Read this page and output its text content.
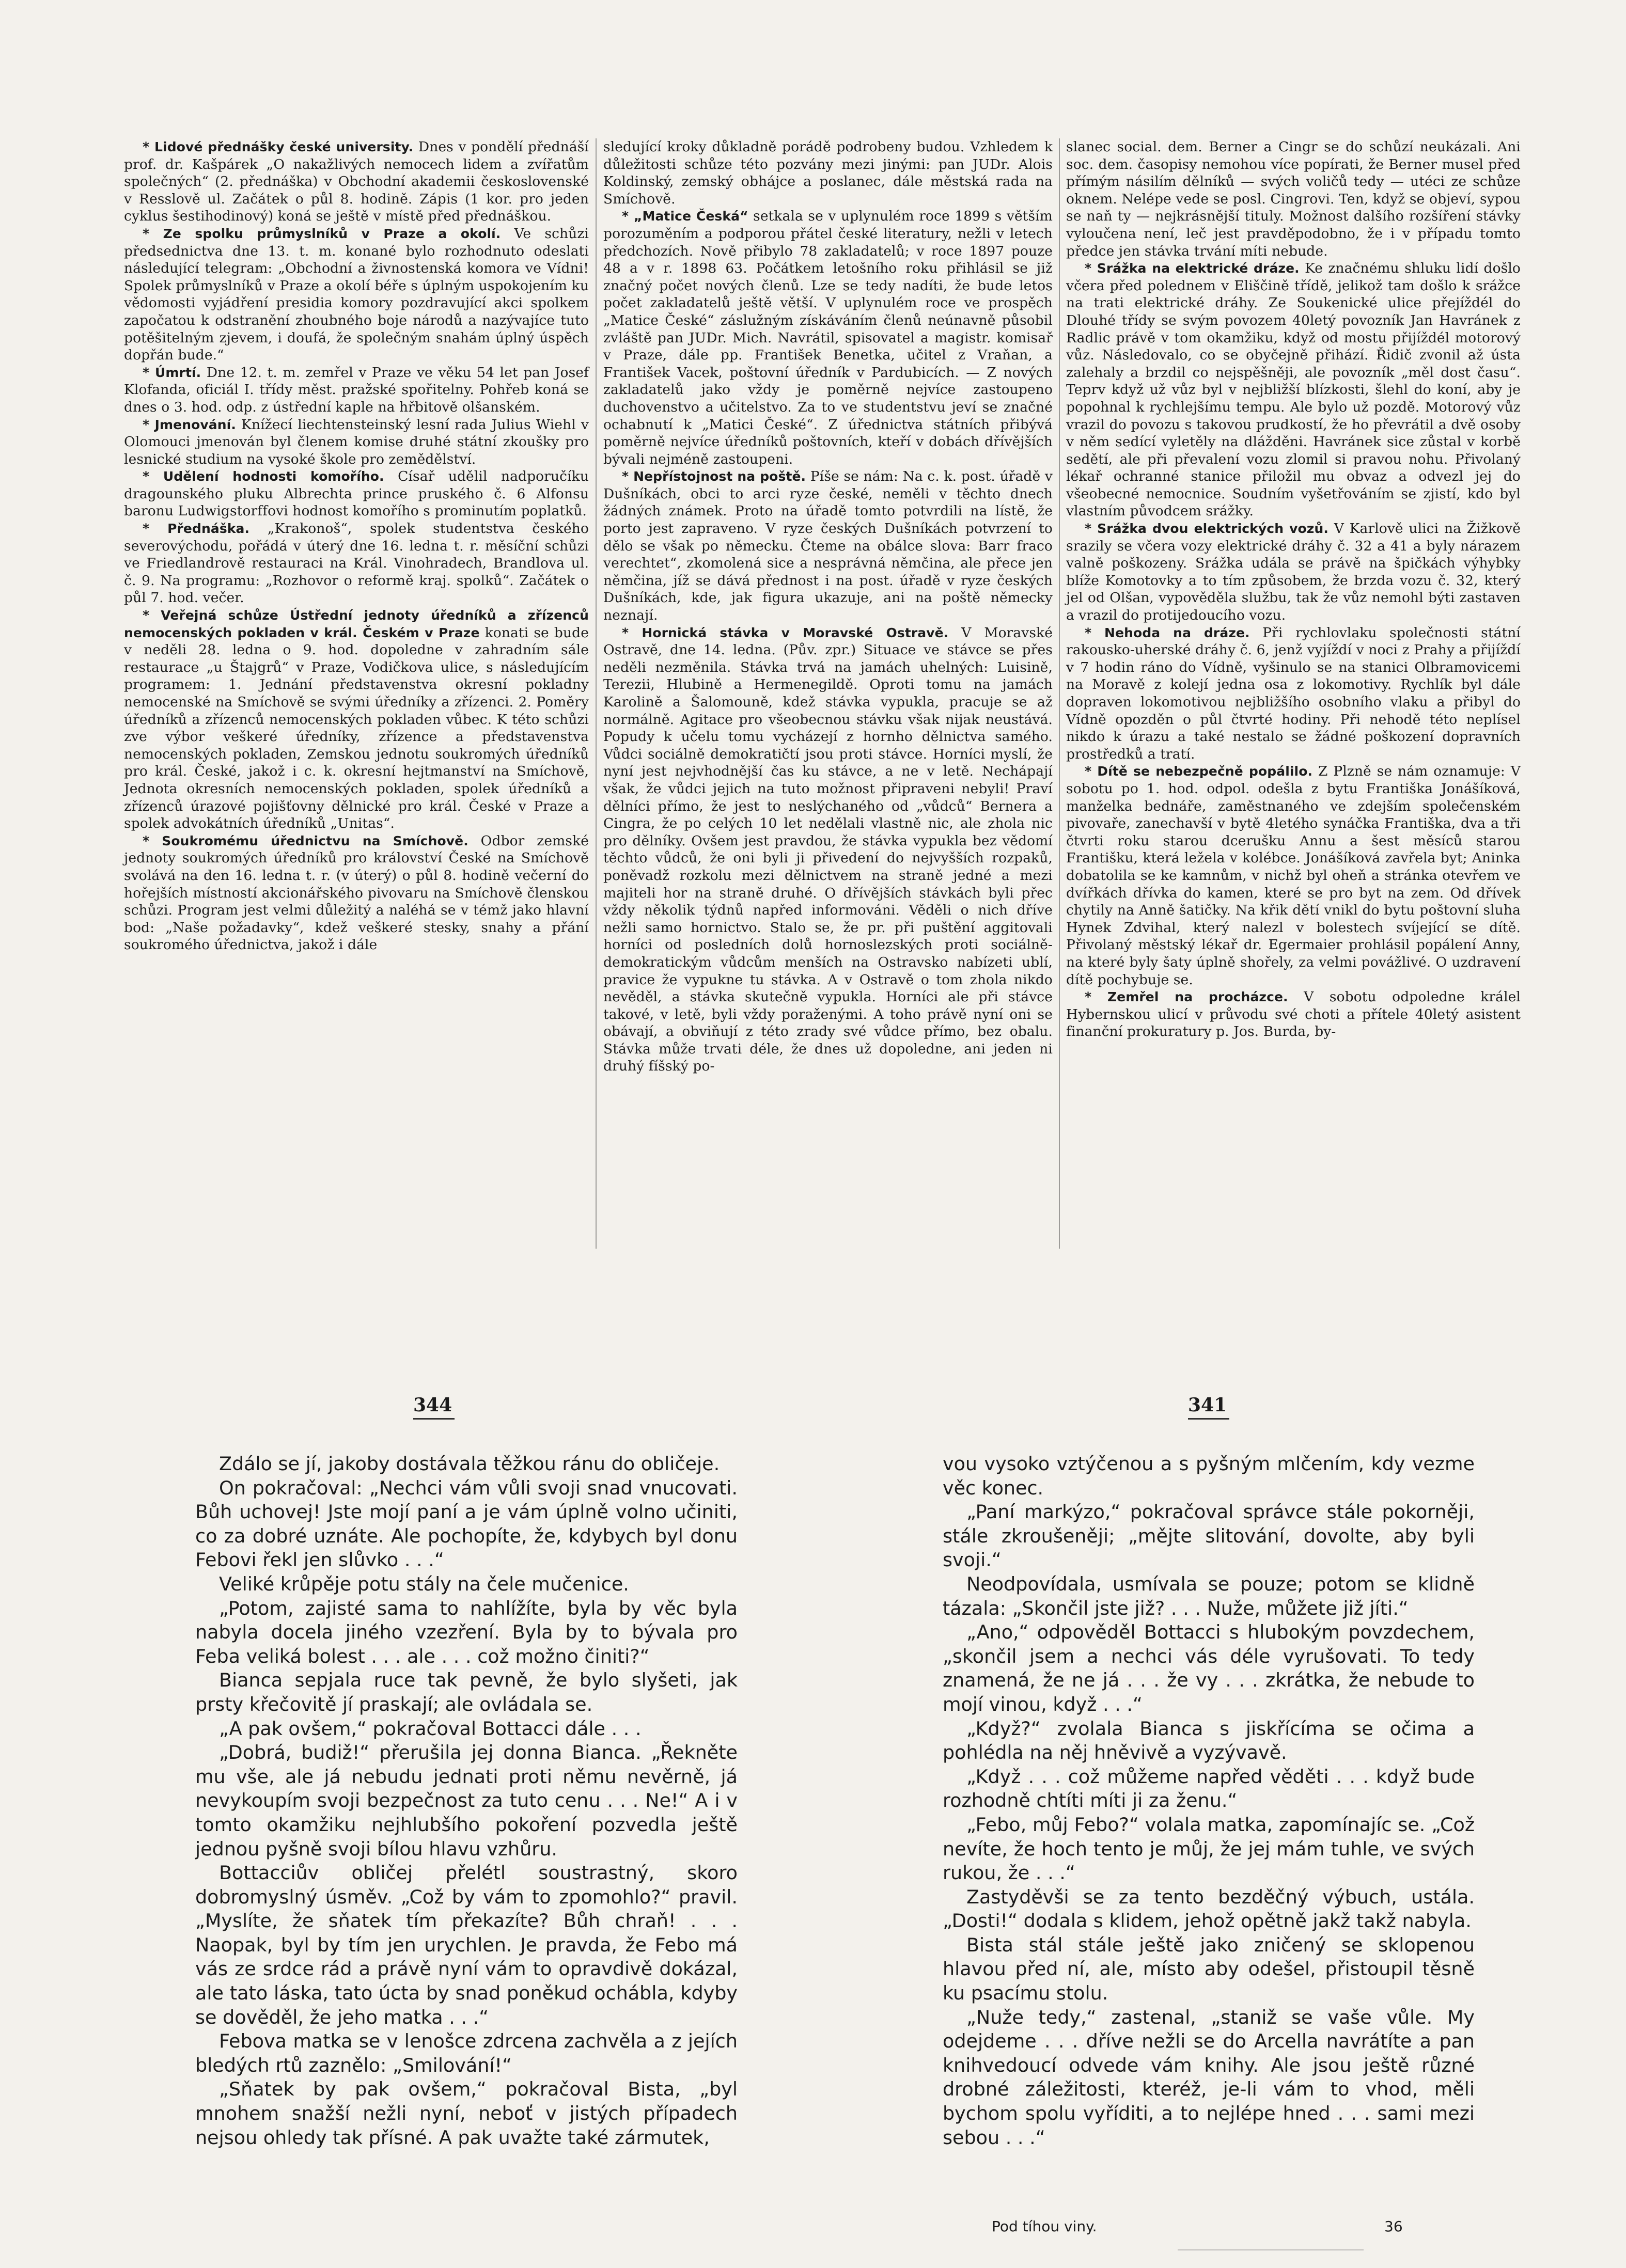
* Lidové přednášky české university. Dnes v pondělí přednáší prof. dr. Kašpárek „O nakažlivých nemocech lidem a zvířatům společných“ (2. přednáška) v Obchodní akademii československé v Resslově ul. Začátek o půl 8. hodině. Zápis (1 kor. pro jeden cyklus šestihodinový) koná se ještě v místě před přednáškou.

* Ze spolku průmyslníků v Praze a okolí. Ve schůzi předsednictva dne 13. t. m. konané bylo rozhodnuto odeslati následující telegram: „Obchodní a živnostenská komora ve Vídni! Spolek průmyslníků v Praze a okolí béře s úplným uspokojením ku vědomosti vyjádření presidia komory pozdravující akci spolkem započatou k odstranění zhoubného boje národů a nazývajíce tuto potěšitelným zjevem, i doufá, že společným snahám úplný úspěch dopřán bude.“

* Úmrtí. Dne 12. t. m. zemřel v Praze ve věku 54 let pan Josef Klofanda, oficiál I. třídy měst. pražské spořitelny. Pohřeb koná se dnes o 3. hod. odp. z ústřední kaple na hřbitově olšanském.

* Jmenování. Knížecí liechtensteinský lesní rada Julius Wiehl v Olomouci jmenován byl členem komise druhé státní zkoušky pro lesnické studium na vysoké škole pro zemědělství.

* Udělení hodnosti komořího. Císař udělil nadporučíku dragounského pluku Albrechta prince pruského č. 6 Alfonsu baronu Ludwigstorffovi hodnost komořího s prominutím poplatků.

* Přednáška. „Krakonoš“, spolek studentstva českého severovýchodu, pořádá v úterý dne 16. ledna t. r. měsíční schůzi ve Friedlandrově restauraci na Král. Vinohradech, Brandlova ul. č. 9. Na programu: „Rozhovor o reformě kraj. spolků“. Začátek o půl 7. hod. večer.

* Veřejná schůze Ústřední jednoty úředníků a zřízenců nemocenských pokladen v král. Českém v Praze konati se bude v neděli 28. ledna o 9. hod. dopoledne v zahradním sále restaurace „u Štajgrů“ v Praze, Vodičkova ulice, s následujícím programem: 1. Jednání představenstva okresní pokladny nemocenské na Smíchově se svými úředníky a zřízenci. 2. Poměry úředníků a zřízenců nemocenských pokladen vůbec. K této schůzi zve výbor veškeré úředníky, zřízence a představenstva nemocenských pokladen, Zemskou jednotu soukromých úředníků pro král. České, jakož i c. k. okresní hejtmanství na Smíchově, Jednota okresních nemocenských pokladen, spolek úředníků a zřízenců úrazové pojišťovny dělnické pro král. České v Praze a spolek advokátních úředníků „Unitas“.

* Soukromému úřednictvu na Smíchově. Odbor zemské jednoty soukromých úředníků pro království České na Smíchově svolává na den 16. ledna t. r. (v úterý) o půl 8. hodině večerní do hořejších místností akcionářského pivovaru na Smíchově členskou schůzi. Program jest velmi důležitý a naléhá se v témž jako hlavní bod: „Naše požadavky“, kdež veškeré stesky, snahy a přání soukromého úřednictva, jakož i dále

sledující kroky důkladně porádě podrobeny budou. Vzhledem k důležitosti schůze této pozvány mezi jinými: pan JUDr. Alois Koldinský, zemský obhájce a poslanec, dále městská rada na Smíchově.

* „Matice Česká“ setkala se v uplynulém roce 1899 s větším porozuměním a podporou přátel české literatury, nežli v letech předchozích. Nově přibylo 78 zakladatelů; v roce 1897 pouze 48 a v r. 1898 63. Počátkem letošního roku přihlásil se již značný počet nových členů. Lze se tedy nadíti, že bude letos počet zakladatelů ještě větší. V uplynulém roce ve prospěch „Matice České“ záslužným získáváním členů neúnavně působil zvláště pan JUDr. Mich. Navrátil, spisovatel a magistr. komisař v Praze, dále pp. František Benetka, učitel z Vraňan, a František Vacek, poštovní úředník v Pardubicích. — Z nových zakladatelů jako vždy je poměrně nejvíce zastoupeno duchovenstvo a učitelstvo. Za to ve studentstvu jeví se značné ochabnutí k „Matici České“. Z úřednictva státních přibývá poměrně nejvíce úředníků poštovních, kteří v dobách dřívějších bývali nejméně zastoupeni.

* Nepřístojnost na poště. Píše se nám: Na c. k. post. úřadě v Dušníkách, obci to arci ryze české, neměli v těchto dnech žádných známek. Proto na úřadě tomto potvrdili na lístě, že porto jest zapraveno. V ryze českých Dušníkách potvrzení to dělo se však po německu. Čteme na obálce slova: Barr fraco verechtet“, zkomolená sice a nesprávná němčina, ale přece jen němčina, jíž se dává přednost i na post. úřadě v ryze českých Dušníkách, kde, jak figura ukazuje, ani na poště německy neznají.

* Hornická stávka v Moravské Ostravě. V Moravské Ostravě, dne 14. ledna. (Pův. zpr.) Situace ve stávce se přes neděli nezměnila. Stávka trvá na jamách uhelných: Luisině, Terezii, Hlubině a Hermenegildě. Oproti tomu na jamách Karolině a Šalomouně, kdež stávka vypukla, pracuje se až normálně. Agitace pro všeobecnou stávku však nijak neustává. Popudy k učelu tomu vycházejí z hornho dělnictva samého. Vůdci sociálně demokratičtí jsou proti stávce. Horníci myslí, že nyní jest nejvhodnější čas ku stávce, a ne v letě. Nechápají však, že vůdci jejich na tuto možnost připraveni nebyli! Praví dělníci přímo, že jest to neslýchaného od „vůdců“ Bernera a Cingra, že po celých 10 let nedělali vlastně nic, ale zhola nic pro dělníky. Ovšem jest pravdou, že stávka vypukla bez vědomí těchto vůdců, že oni byli ji přivedení do nejvyšších rozpaků, poněvadž rozkolu mezi dělnictvem na straně jedné a mezi majiteli hor na straně druhé. O dřívějších stávkách byli přec vždy několik týdnů napřed informováni. Věděli o nich dříve nežli samo hornictvo. Stalo se, že pr. při puštění aggitovali horníci od posledních dolů hornoslezských proti sociálně-demokratickým vůdcům menších na Ostravsko nabízeti ublí, pravice že vypukne tu stávka. A v Ostravě o tom zhola nikdo nevěděl, a stávka skutečně vypukla. Horníci ale při stávce takové, v letě, byli vždy poraženými. A toho právě nyní oni se obávají, a obviňují z této zrady své vůdce přímo, bez obalu. Stávka může trvati déle, že dnes už dopoledne, ani jeden ni druhý fíšský po-

slanec social. dem. Berner a Cingr se do schůzí neukázali. Ani soc. dem. časopisy nemohou více popírati, že Berner musel před přímým násilím dělníků — svých voličů tedy — utéci ze schůze oknem. Nelépe vede se posl. Cingrovi. Ten, když se objeví, sypou se naň ty — nejkrásnější tituly. Možnost dalšího rozšíření stávky vyloučena není, leč jest pravděpodobno, že i v případu tomto předce jen stávka trvání míti nebude.

* Srážka na elektrické dráze. Ke značnému shluku lidí došlo včera před polednem v Eliščině třídě, jelikož tam došlo k srážce na trati elektrické dráhy. Ze Soukenické ulice přejíždél do Dlouhé třídy se svým povozem 40letý povozník Jan Havránek z Radlic právě v tom okamžiku, když od mostu přijíždél motorový vůz. Následovalo, co se obyčejně přihází. Řidič zvonil až ústa zalehaly a brzdil co nejspěšněji, ale povozník „měl dost času“. Teprv když už vůz byl v nejbližší blízkosti, šlehl do koní, aby je popohnal k rychlejšímu tempu. Ale bylo už pozdě. Motorový vůz vrazil do povozu s takovou prudkostí, že ho převrátil a dvě osoby v něm sedící vyletěly na dlážděni. Havránek sice zůstal v korbě sedětí, ale při převalení vozu zlomil si pravou nohu. Přivolaný lékař ochranné stanice přiložil mu obvaz a odvezl jej do všeobecné nemocnice. Soudním vyšetřováním se zjistí, kdo byl vlastním původcem srážky.

* Srážka dvou elektrických vozů. V Karlově ulici na Žižkově srazily se včera vozy elektrické dráhy č. 32 a 41 a byly nárazem valně poškozeny. Srážka udála se právě na špičkách výhybky blíže Komotovky a to tím způsobem, že brzda vozu č. 32, který jel od Olšan, vypověděla službu, tak že vůz nemohl býti zastaven a vrazil do protijedoucího vozu.

* Nehoda na dráze. Při rychlovlaku společnosti státní rakousko-uherské dráhy č. 6, jenž vyjíždí v noci z Prahy a přijíždí v 7 hodin ráno do Vídně, vyšinulo se na stanici Olbramovicemi na Moravě z kolejí jedna osa z lokomotivy. Rychlík byl dále dopraven lokomotivou nejbližšího osobního vlaku a přibyl do Vídně opozděn o půl čtvrté hodiny. Při nehodě této neplísel nikdo k úrazu a také nestalo se žádné poškození dopravních prostředků a tratí.

* Dítě se nebezpečně popálilo. Z Plzně se nám oznamuje: V sobotu po 1. hod. odpol. odešla z bytu Františka Jonášíková, manželka bednáře, zaměstnaného ve zdejším společenském pivovaře, zanechavší v bytě 4letého synáčka Františka, dva a tři čtvrti roku starou dcerušku Annu a šest měsíců starou Františku, která ležela v kolébce. Jonášíková zavřela byt; Aninka dobatolila se ke kamnům, v nichž byl oheň a stránka otevřem ve dvířkách dřívka do kamen, které se pro byt na zem. Od dřívek chytily na Anně šatičky. Na křik dětí vnikl do bytu poštovní sluha Hynek Zdvihal, který nalezl v bolestech svíjející se dítě. Přivolaný městský lékař dr. Egermaier prohlásil popálení Anny, na které byly šaty úplně shořely, za velmi povážlivé. O uzdravení dítě pochybuje se.

* Zemřel na procházce. V sobotu odpoledne králel Hybernskou ulicí v průvodu své choti a přítele 40letý asistent finanční prokuratury p. Jos. Burda, by-

344	341

Zdálo se jí, jakoby dostávala těžkou ránu do obličeje.

On pokračoval: „Nechci vám vůli svoji snad vnucovati. Bůh uchovej! Jste mojí paní a je vám úplně volno učiniti, co za dobré uznáte. Ale pochopíte, že, kdybych byl donu Febovi řekl jen slůvko . . .“

Veliké krůpěje potu stály na čele mučenice.

„Potom, zajisté sama to nahlížíte, byla by věc byla nabyla docela jiného vzezření. Byla by to bývala pro Feba veliká bolest . . . ale . . . což možno činiti?“

Bianca sepjala ruce tak pevně, že bylo slyšeti, jak prsty křečovitě jí praskají; ale ovládala se.

„A pak ovšem,“ pokračoval Bottacci dále . . .

„Dobrá, budiž!“ přerušila jej donna Bianca. „Řekněte mu vše, ale já nebudu jednati proti němu nevěrně, já nevykoupím svoji bezpečnost za tuto cenu . . . Ne!“ A i v tomto okamžiku nejhlubšího pokoření pozvedla ještě jednou pyšně svoji bílou hlavu vzhůru.

Bottacciův obličej přelétl soustrastný, skoro dobromyslný úsměv. „Což by vám to zpomohlo?“ pravil. „Myslíte, že sňatek tím překazíte? Bůh chraň! . . . Naopak, byl by tím jen urychlen. Je pravda, že Febo má vás ze srdce rád a právě nyní vám to opravdivě dokázal, ale tato láska, tato úcta by snad poněkud ochábla, kdyby se dověděl, že jeho matka . . .“

Febova matka se v lenošce zdrcena zachvěla a z jejích bledých rtů zaznělo: „Smilování!“

„Sňatek by pak ovšem,“ pokračoval Bista, „byl mnohem snažší nežli nyní, neboť v jistých případech nejsou ohledy tak přísné. A pak uvažte také zármutek,

vou vysoko vztýčenou a s pyšným mlčením, kdy vezme věc konec.

„Paní markýzo,“ pokračoval správce stále pokorněji, stále zkroušeněji; „mějte slitování, dovolte, aby byli svoji.“

Neodpovídala, usmívala se pouze; potom se klidně tázala: „Skončil jste již? . . . Nuže, můžete již jíti.“

„Ano,“ odpověděl Bottacci s hlubokým povzdechem, „skončil jsem a nechci vás déle vyrušovati. To tedy znamená, že ne já . . . že vy . . . zkrátka, že nebude to mojí vinou, když . . .“

„Když?“ zvolala Bianca s jiskřícíma se očima a pohlédla na něj hněvivě a vyzývavě.

„Když . . . což můžeme napřed věděti . . . když bude rozhodně chtíti míti ji za ženu.“

„Febo, můj Febo?“ volala matka, zapomínajíc se. „Což nevíte, že hoch tento je můj, že jej mám tuhle, ve svých rukou, že . . .“

Zastyděvši se za tento bezděčný výbuch, ustála. „Dosti!“ dodala s klidem, jehož opětně jakž takž nabyla.

Bista stál stále ještě jako zničený se sklopenou hlavou před ní, ale, místo aby odešel, přistoupil těsně ku psacímu stolu.

„Nuže tedy,“ zastenal, „staniž se vaše vůle. My odejdeme . . . dříve nežli se do Arcella navrátíte a pan knihvedoucí odvede vám knihy. Ale jsou ještě různé drobné záležitosti, kteréž, je-li vám to vhod, měli bychom spolu vyříditi, a to nejlépe hned . . . sami mezi sebou . . .“

Pod tíhou viny.	36
